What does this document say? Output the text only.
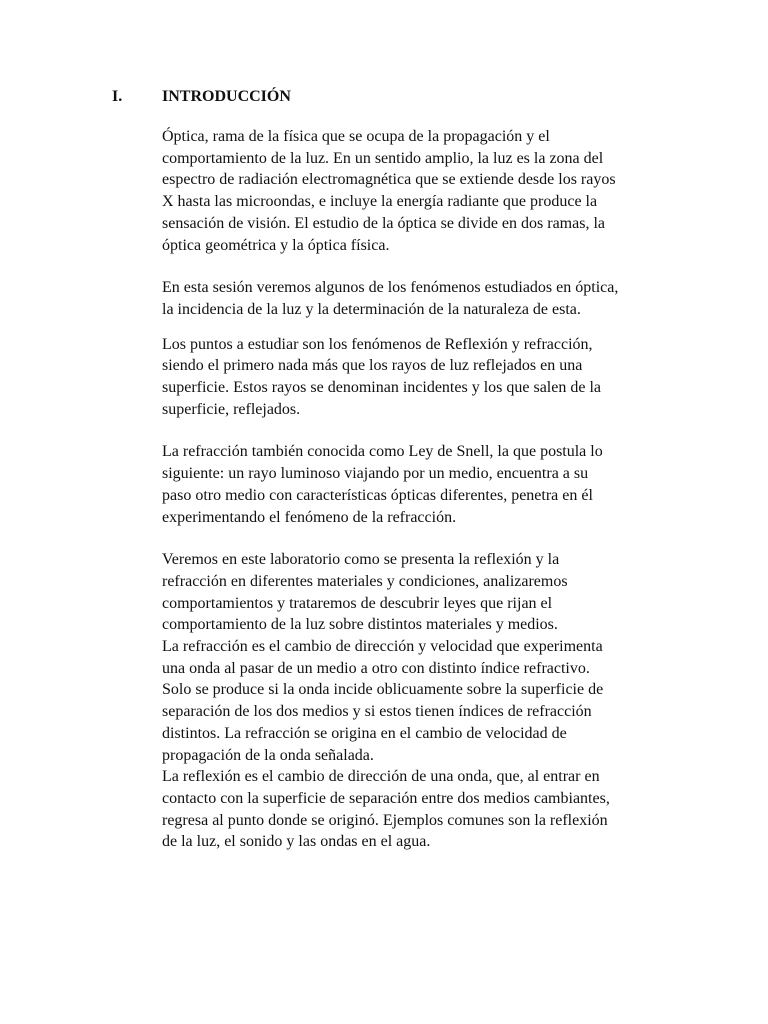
I. INTRODUCCIÓN

Óptica, rama de la física que se ocupa de la propagación y el
comportamiento de la luz. En un sentido amplio, la luz es la zona del
espectro de radiación electromagnética que se extiende desde los rayos
X hasta las microondas, e incluye la energía radiante que produce la
sensación de visión. El estudio de la óptica se divide en dos ramas, la
óptica geométrica y la óptica física.

En esta sesión veremos algunos de los fenómenos estudiados en óptica,
la incidencia de la luz y la determinación de la naturaleza de esta.

Los puntos a estudiar son los fenómenos de Reflexión y refracción,
siendo el primero nada más que los rayos de luz reflejados en una
superficie. Estos rayos se denominan incidentes y los que salen de la
superficie, reflejados.

La refracción también conocida como Ley de Snell, la que postula lo
siguiente: un rayo luminoso viajando por un medio, encuentra a su
paso otro medio con características ópticas diferentes, penetra en él
experimentando el fenómeno de la refracción.

Veremos en este laboratorio como se presenta la reflexión y la
refracción en diferentes materiales y condiciones, analizaremos
comportamientos y trataremos de descubrir leyes que rijan el
comportamiento de la luz sobre distintos materiales y medios.

La refracción es el cambio de dirección y velocidad que experimenta
una onda al pasar de un medio a otro con distinto índice refractivo.
Solo se produce si la onda incide oblicuamente sobre la superficie de
separación de los dos medios y si estos tienen índices de refracción
distintos. La refracción se origina en el cambio de velocidad de
propagación de la onda señalada.

La reflexión es el cambio de dirección de una onda, que, al entrar en
contacto con la superficie de separación entre dos medios cambiantes,
regresa al punto donde se originó. Ejemplos comunes son la reflexión
de la luz, el sonido y las ondas en el agua.
